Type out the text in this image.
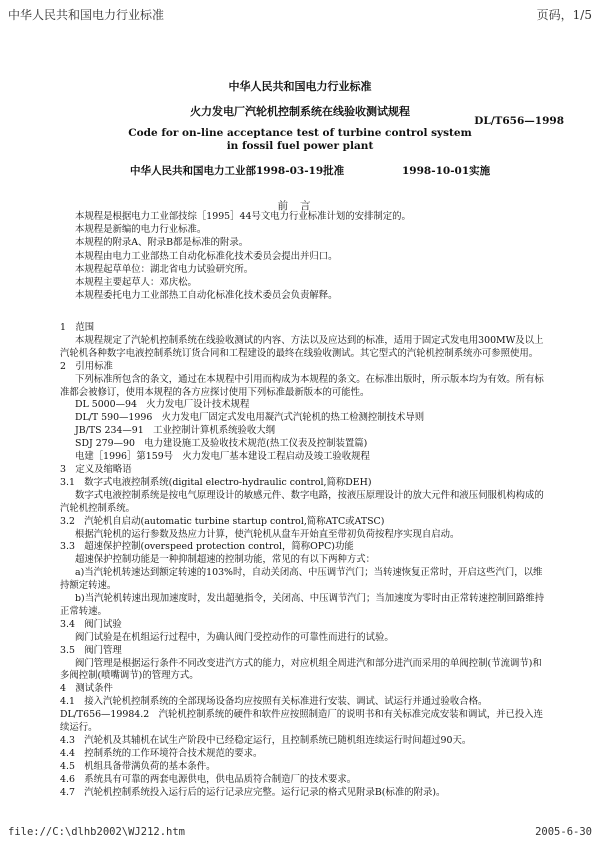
中华人民共和国电力行业标准	页码，1/5
中华人民共和国电力行业标准
火力发电厂汽轮机控制系统在线验收测试规程
DL/T656—1998
Code for on-line acceptance test of turbine control system
in fossil fuel power plant
中华人民共和国电力工业部1998-03-19批准	1998-10-01实施
前言

本规程是根据电力工业部技综［1995］44号文电力行业标准计划的安排制定的。

本规程是新编的电力行业标准。

本规程的附录A、附录B都是标准的附录。

本规程由电力工业部热工自动化标准化技术委员会提出并归口。

本规程起草单位：湖北省电力试验研究所。

本规程主要起草人：邓庆松。

本规程委托电力工业部热工自动化标准化技术委员会负责解释。

1　范围

本规程规定了汽轮机控制系统在线验收测试的内容、方法以及应达到的标准，适用于固定式发电用300MW及以上汽轮机各种数字电液控制系统订货合同和工程建设的最终在线验收测试。其它型式的汽轮机控制系统亦可参照使用。

2　引用标准

下列标准所包含的条文，通过在本规程中引用而构成为本规程的条文。在标准出版时，所示版本均为有效。所有标准都会被修订，使用本规程的各方应探讨使用下列标准最新版本的可能性。

DL 5000—94　火力发电厂设计技术规程

DL/T 590—1996　火力发电厂固定式发电用凝汽式汽轮机的热工检测控制技术导则

JB/TS 234—91　工业控制计算机系统验收大纲

SDJ 279—90　电力建设施工及验收技术规范(热工仪表及控制装置篇)

电建［1996］第159号　火力发电厂基本建设工程启动及竣工验收规程

3　定义及缩略语

3.1　数字式电液控制系统(digital electro-hydraulic control,简称DEH)

数字式电液控制系统是按电气原理设计的敏感元件、数字电路，按液压原理设计的放大元件和液压伺服机构构成的汽轮机控制系统。

3.2　汽轮机自启动(automatic turbine startup control,简称ATC或ATSC)

根据汽轮机的运行参数及热应力计算，使汽轮机从盘车开始直至带初负荷按程序实现自启动。

3.3　超速保护控制(overspeed protection control，简称OPC)功能

超速保护控制功能是一种抑制超速的控制功能，常见的有以下两种方式：

a)当汽轮机转速达到额定转速的103%时，自动关闭高、中压调节汽门；当转速恢复正常时，开启这些汽门，以维持额定转速。

b)当汽轮机转速出现加速度时，发出超驰指令，关闭高、中压调节汽门；当加速度为零时由正常转速控制回路维持正常转速。

3.4　阀门试验

阀门试验是在机组运行过程中，为确认阀门受控动作的可靠性而进行的试验。

3.5　阀门管理

阀门管理是根据运行条件不同改变进汽方式的能力，对应机组全周进汽和部分进汽而采用的单阀控制(节流调节)和多阀控制(喷嘴调节)的管理方式。

4　测试条件

4.1　接入汽轮机控制系统的全部现场设备均应按照有关标准进行安装、调试、试运行并通过验收合格。

DL/T656—19984.2　汽轮机控制系统的硬件和软件应按照制造厂的说明书和有关标准完成安装和调试，并已投入连续运行。

4.3　汽轮机及其辅机在试生产阶段中已经稳定运行，且控制系统已随机组连续运行时间超过90天。

4.4　控制系统的工作环境符合技术规范的要求。

4.5　机组具备带满负荷的基本条件。

4.6　系统具有可靠的两套电源供电，供电品质符合制造厂的技术要求。

4.7　汽轮机控制系统投入运行后的运行记录应完整。运行记录的格式见附录B(标准的附录)。

file://C:\dlhb2002\WJ212.htm	2005-6-30
